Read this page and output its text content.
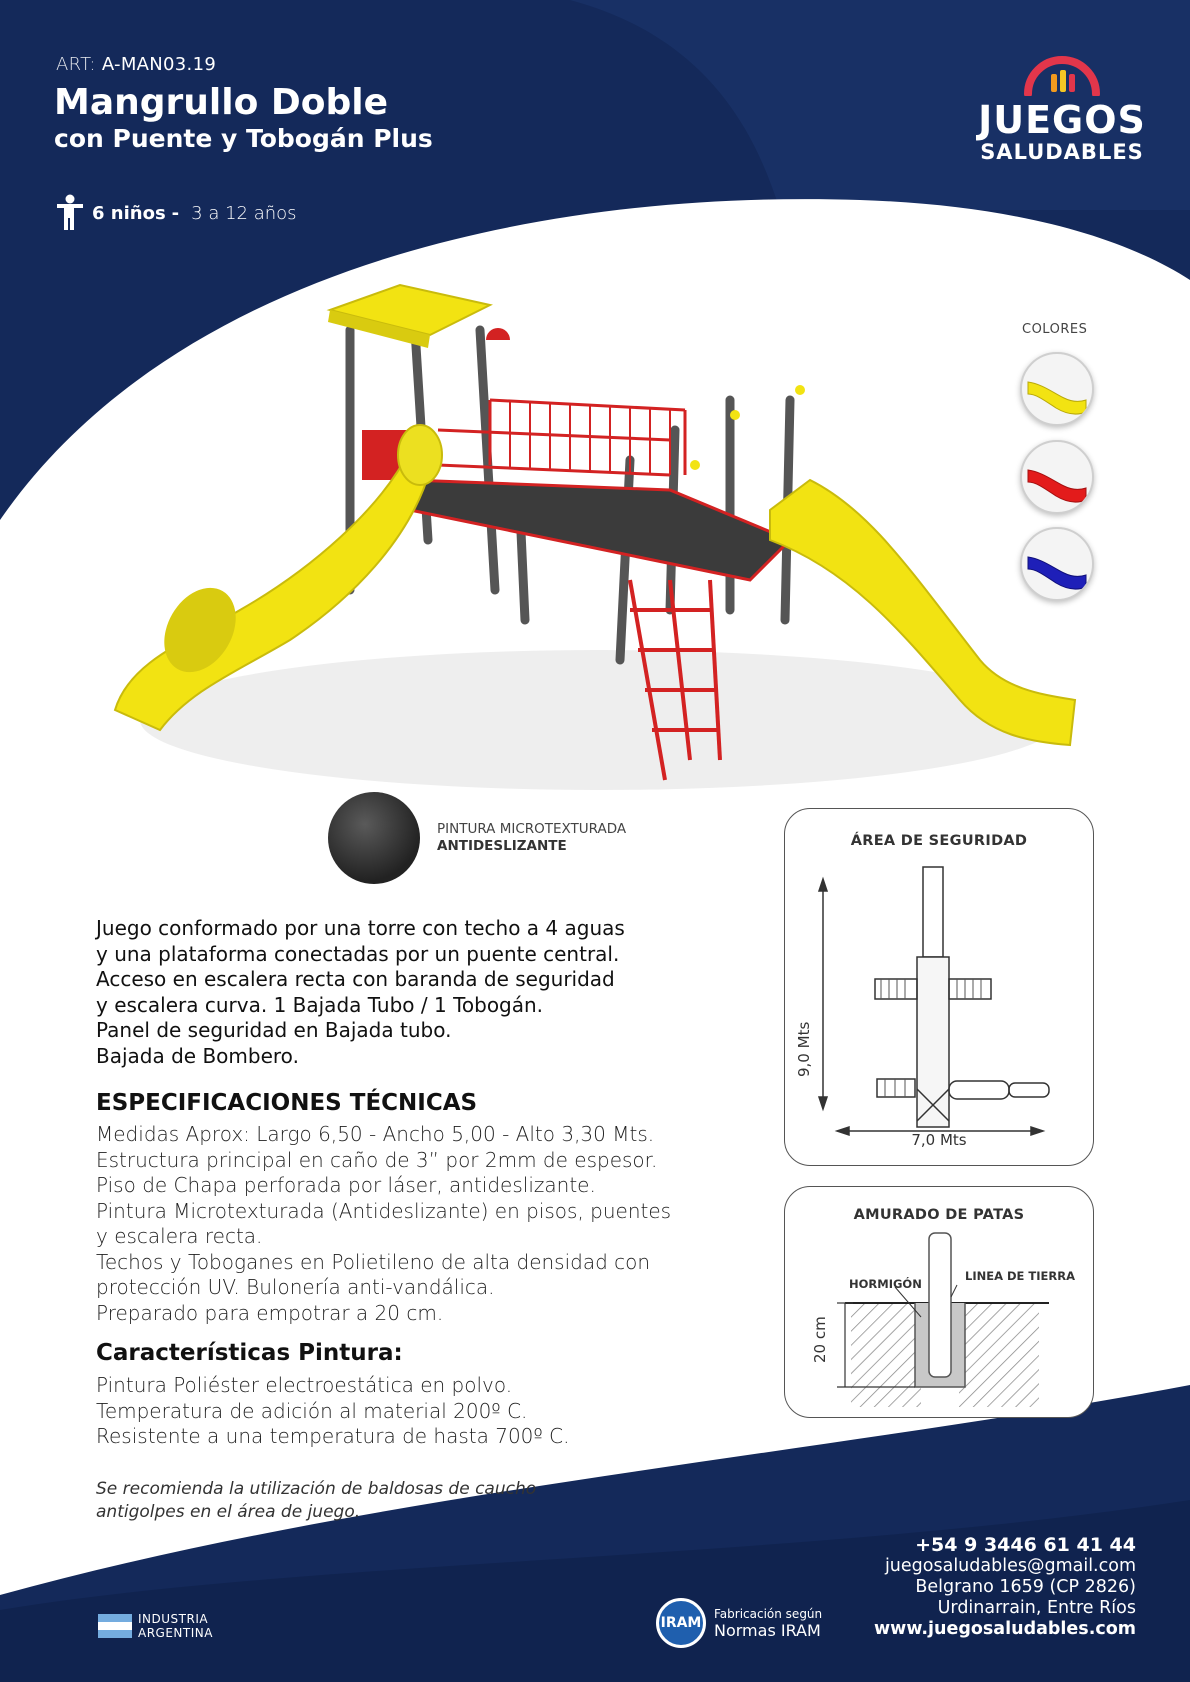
ART: A-MAN03.19
Mangrullo Doble
con Puente y Tobogán Plus
6 niños - 3 a 12 años
JUEGOS
SALUDABLES
COLORES
PINTURA MICROTEXTURADA
ANTIDESLIZANTE
Juego conformado por una torre con techo a 4 aguas
y una plataforma conectadas por un puente central.
Acceso en escalera recta con baranda de seguridad
y escalera curva. 1 Bajada Tubo / 1 Tobogán.
Panel de seguridad en Bajada tubo.
Bajada de Bombero.
ESPECIFICACIONES TÉCNICAS
Medidas Aprox: Largo 6,50 - Ancho 5,00 - Alto 3,30 Mts.
Estructura principal en caño de 3” por 2mm de espesor.
Piso de Chapa perforada por láser, antideslizante.
Pintura Microtexturada (Antideslizante) en pisos, puentes
y escalera recta.
Techos y Toboganes en Polietileno de alta densidad con
protección UV. Bulonería anti-vandálica.
Preparado para empotrar a 20 cm.
Características Pintura:
Pintura Poliéster electroestática en polvo.
Temperatura de adición al material 200º C.
Resistente a una temperatura de hasta 700º C.
Se recomienda la utilización de baldosas de caucho
antigolpes en el área de juego.
ÁREA DE SEGURIDAD
9,0 Mts
7,0 Mts
AMURADO DE PATAS
HORMIGÓN
LINEA DE TIERRA
20 cm
INDUSTRIA
ARGENTINA
IRAM
Fabricación según
Normas IRAM
+54 9 3446 61 41 44
juegosaludables@gmail.com
Belgrano 1659 (CP 2826)
Urdinarrain, Entre Ríos
www.juegosaludables.com
